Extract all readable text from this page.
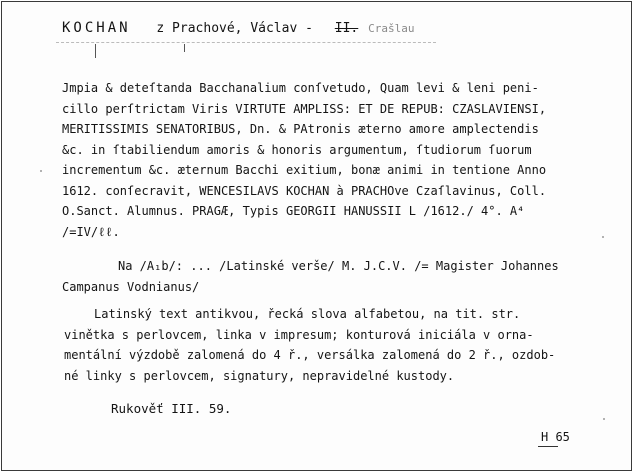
KOCHAN z Prachové, Václav - II. Crašlau
Jmpia & deteſtanda Bacchanalium conſvetudo, Quam levi & leni peni-
cillo perſtrictam Viris VIRTUTE AMPLISS: ET DE REPUB: CZASLAVIENSI,
MERITISSIMIS SENATORIBUS, Dn. & PAtronis æterno amore amplectendis
&c. in ſtabiliendum amoris & honoris argumentum, ſtudiorum ſuorum
incrementum &c. æternum Bacchi exitium, bonæ animi in tentione Anno
1612. conſecravit, WENCESILAVS KOCHAN à PRACHOve Czaſlavinus, Coll.
O.Sanct. Alumnus. PRAGÆ, Typis GEORGII HANUSSII L /1612./ 4°. A⁴
/=IV/ℓℓ.
Na /A₁b/: ... /Latinské verše/ M. J.C.V. /= Magister Johannes
Campanus Vodnianus/
Latinský text antikvou, řecká slova alfabetou, na tit. str.
vinětka s perlovcem, linka v impresum; konturová iniciála v orna-
mentální výzdobě zalomená do 4 ř., versálka zalomená do 2 ř., ozdob-
né linky s perlovcem, signatury, nepravidelné kustody.
Rukověť III. 59.
H 65
